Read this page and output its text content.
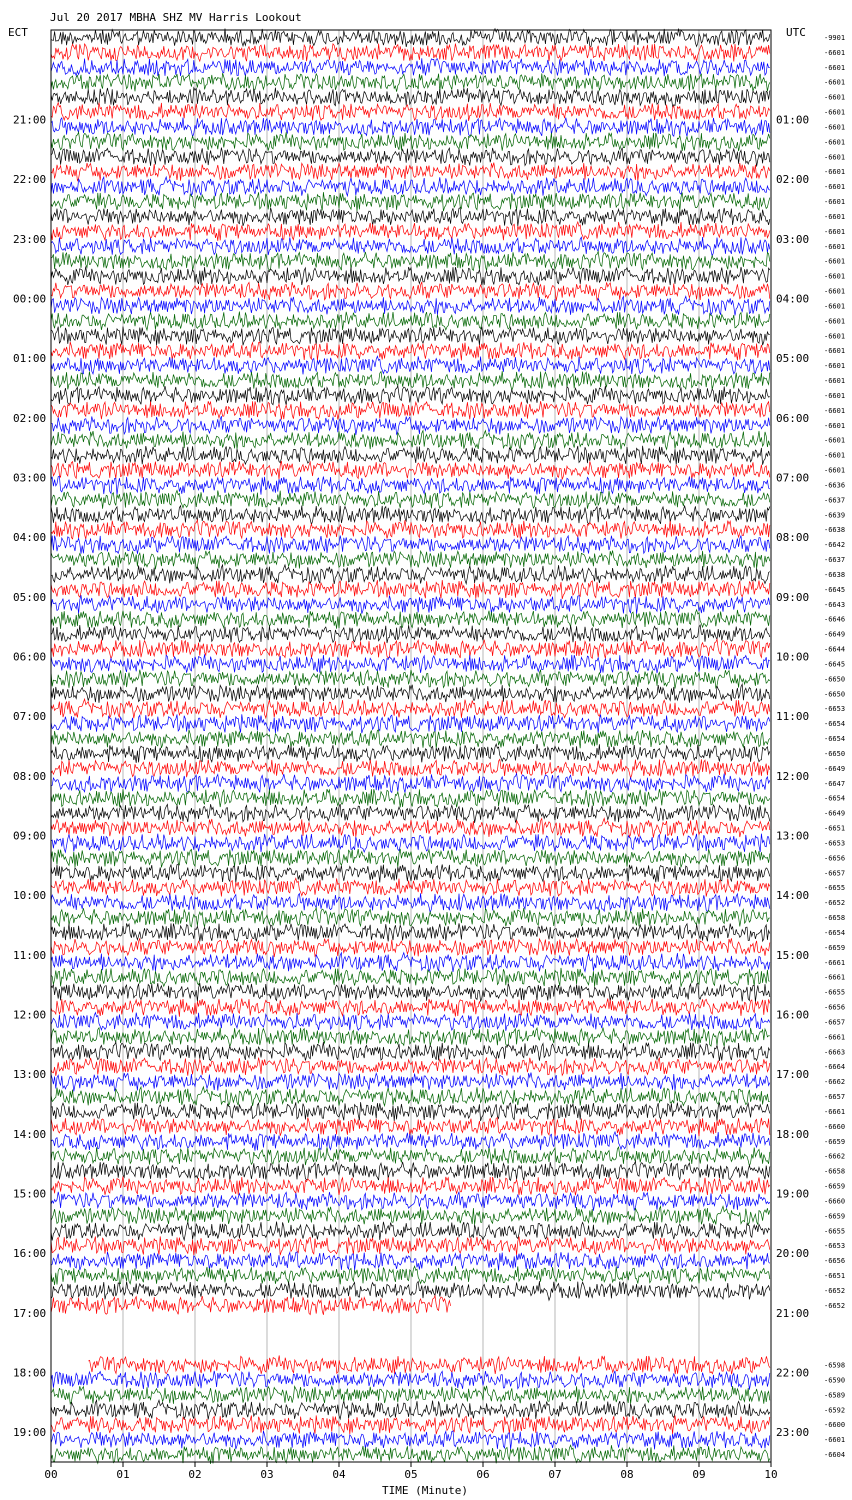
Jul 20 2017 MBHA SHZ MV Harris Lookout
ECT	UTC
TIME (Minute)
00	01	02	03	04	05	06	07	08	09	10
-9901
-6601
-6601
-6601
-6601
-6601
-6601
-6601
-6601
-6601
-6601
-6601
-6601
-6601
-6601
-6601
-6601
-6601
-6601
-6601
-6601
-6601
-6601
-6601
-6601
-6601
-6601
-6601
-6601
-6601
-6636
-6637
-6639
-6638
-6642
-6637
-6638
-6645
-6643
-6646
-6649
-6644
-6645
-6650
-6650
-6653
-6654
-6654
-6650
-6649
-6647
-6654
-6649
-6651
-6653
-6656
-6657
-6655
-6652
-6658
-6654
-6659
-6661
-6661
-6655
-6656
-6657
-6661
-6663
-6664
-6662
-6657
-6661
-6660
-6659
-6662
-6658
-6659
-6660
-6659
-6655
-6653
-6656
-6651
-6652
-6652
-6598
-6590
-6589
-6592
-6600
-6601
-6604
21:00	01:00
22:00	02:00
23:00	03:00
00:00	04:00
01:00	05:00
02:00	06:00
03:00	07:00
04:00	08:00
05:00	09:00
06:00	10:00
07:00	11:00
08:00	12:00
09:00	13:00
10:00	14:00
11:00	15:00
12:00	16:00
13:00	17:00
14:00	18:00
15:00	19:00
16:00	20:00
17:00	21:00
18:00	22:00
19:00	23:00
